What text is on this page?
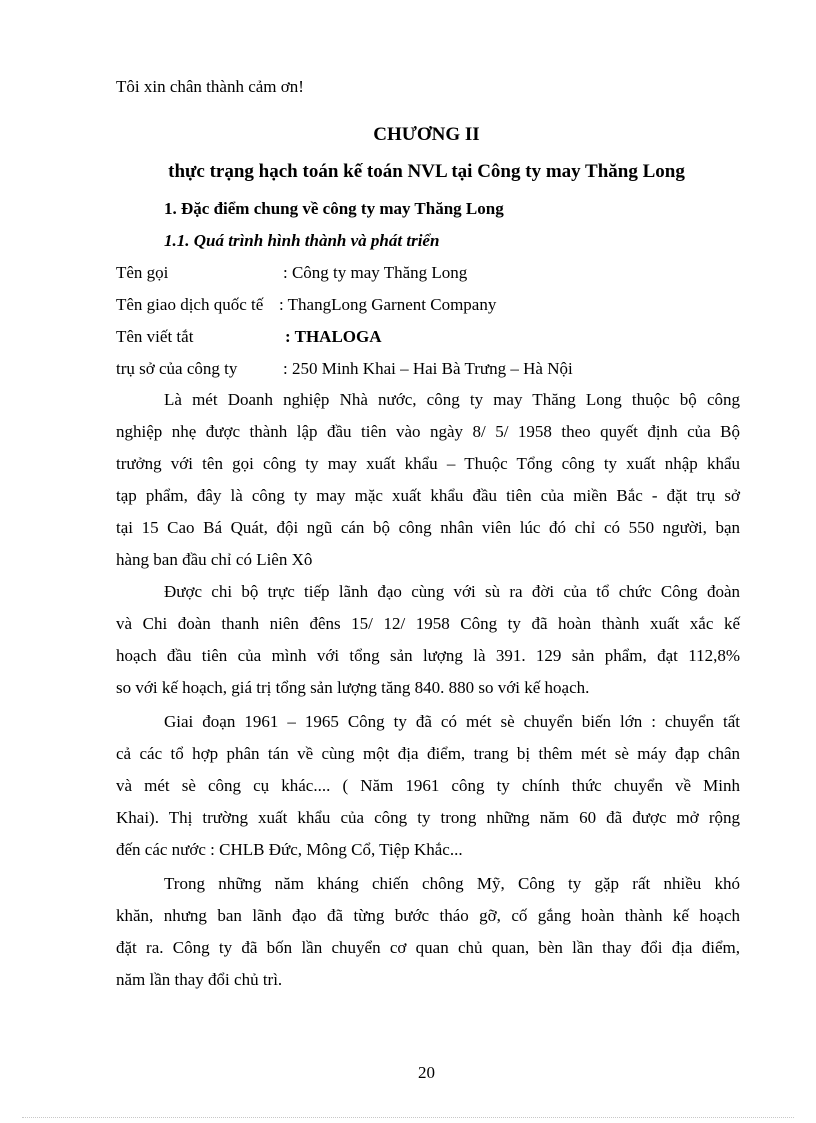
Tôi xin chân thành cảm ơn!
CHƯƠNG II
thực trạng hạch toán kế toán NVL tại Công ty may Thăng Long
1. Đặc điểm chung về công ty may Thăng Long
1.1. Quá trình hình thành và phát triển
Tên gọi	: Công ty may Thăng Long
Tên giao dịch quốc tế : ThangLong Garnent Company
Tên viết tắt	: THALOGA
trụ sở của công ty	: 250 Minh Khai – Hai Bà Trưng – Hà Nội
Là mét Doanh nghiệp Nhà nước, công ty may Thăng Long thuộc bộ công
nghiệp nhẹ được thành lập đầu tiên vào ngày 8/ 5/ 1958 theo quyết định của Bộ
trưởng với tên gọi công ty may xuất khẩu – Thuộc Tổng công ty xuất nhập khẩu
tạp phẩm, đây là công ty may mặc xuất khẩu đầu tiên của miền Bắc - đặt trụ sở
tại 15 Cao Bá Quát, đội ngũ cán bộ công nhân viên lúc đó chỉ có 550 người, bạn
hàng ban đầu chỉ có Liên Xô
Được chi bộ trực tiếp lãnh đạo cùng với sù ra đời của tổ chức Công đoàn
và Chi đoàn thanh niên đêns 15/ 12/ 1958 Công ty đã hoàn thành xuất xắc kế
hoạch đầu tiên của mình với tổng sản lượng là 391. 129 sản phẩm, đạt 112,8%
so với kế hoạch, giá trị tổng sản lượng tăng 840. 880 so với kế hoạch.
Giai đoạn 1961 – 1965 Công ty đã có mét sè chuyển biến lớn : chuyển tất
cả các tổ hợp phân tán về cùng một địa điểm, trang bị thêm mét sè máy đạp chân
và mét sè công cụ khác.... ( Năm 1961 công ty chính thức chuyển về Minh
Khai). Thị trường xuất khẩu của công ty trong những năm 60 đã được mở rộng
đến các nước : CHLB Đức, Mông Cổ, Tiệp Khắc...
Trong những năm kháng chiến chông Mỹ, Công ty gặp rất nhiều khó
khăn, nhưng ban lãnh đạo đã từng bước tháo gỡ, cố gắng hoàn thành kế hoạch
đặt ra. Công ty đã bốn lần chuyển cơ quan chủ quan, bèn lần thay đổi địa điểm,
năm lần thay đổi chủ trì.
20
